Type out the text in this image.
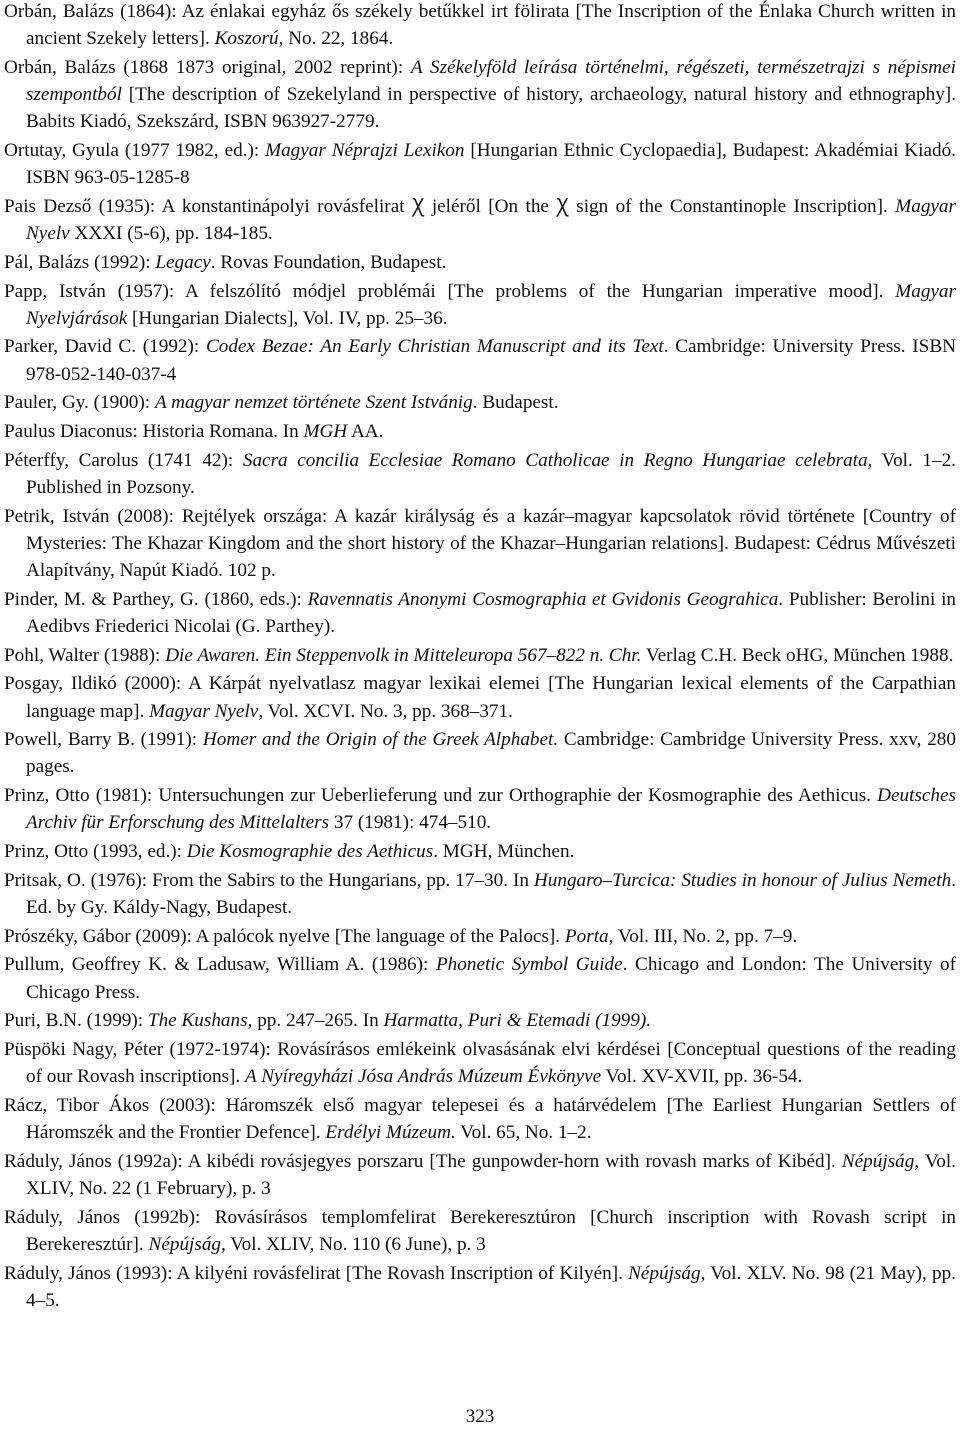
Orbán, Balázs (1864): Az énlakai egyház ős székely betűkkel irt fölirata [The Inscription of the Énlaka Church written in ancient Szekely letters]. Koszorú, No. 22, 1864.
Orbán, Balázs (1868 1873 original, 2002 reprint): A Székelyföld leírása történelmi, régészeti, természetrajzi s népismei szempontból [The description of Szekelyland in perspective of history, archaeology, natural history and ethnography]. Babits Kiadó, Szekszárd, ISBN 963927-2779.
Ortutay, Gyula (1977 1982, ed.): Magyar Néprajzi Lexikon [Hungarian Ethnic Cyclopaedia], Budapest: Akadémiai Kiadó. ISBN 963-05-1285-8
Pais Dezső (1935): A konstantinápolyi rovásfelirat Ꭓ jeléről [On the Ꭓ sign of the Constantinople Inscription]. Magyar Nyelv XXXI (5-6), pp. 184-185.
Pál, Balázs (1992): Legacy. Rovas Foundation, Budapest.
Papp, István (1957): A felszólító módjel problémái [The problems of the Hungarian imperative mood]. Magyar Nyelvjárások [Hungarian Dialects], Vol. IV, pp. 25–36.
Parker, David C. (1992): Codex Bezae: An Early Christian Manuscript and its Text. Cambridge: University Press. ISBN 978-052-140-037-4
Pauler, Gy. (1900): A magyar nemzet története Szent Istvánig. Budapest.
Paulus Diaconus: Historia Romana. In MGH AA.
Péterffy, Carolus (1741 42): Sacra concilia Ecclesiae Romano Catholicae in Regno Hungariae celebrata, Vol. 1–2. Published in Pozsony.
Petrik, István (2008): Rejtélyek országa: A kazár királyság és a kazár–magyar kapcsolatok rövid története [Country of Mysteries: The Khazar Kingdom and the short history of the Khazar–Hungarian relations]. Budapest: Cédrus Művészeti Alapítvány, Napút Kiadó. 102 p.
Pinder, M. & Parthey, G. (1860, eds.): Ravennatis Anonymi Cosmographia et Gvidonis Geograhica. Publisher: Berolini in Aedibvs Friederici Nicolai (G. Parthey).
Pohl, Walter (1988): Die Awaren. Ein Steppenvolk in Mitteleuropa 567–822 n. Chr. Verlag C.H. Beck oHG, München 1988.
Posgay, Ildikó (2000): A Kárpát nyelvatlasz magyar lexikai elemei [The Hungarian lexical elements of the Carpathian language map]. Magyar Nyelv, Vol. XCVI. No. 3, pp. 368–371.
Powell, Barry B. (1991): Homer and the Origin of the Greek Alphabet. Cambridge: Cambridge University Press. xxv, 280 pages.
Prinz, Otto (1981): Untersuchungen zur Ueberlieferung und zur Orthographie der Kosmographie des Aethicus. Deutsches Archiv für Erforschung des Mittelalters 37 (1981): 474–510.
Prinz, Otto (1993, ed.): Die Kosmographie des Aethicus. MGH, München.
Pritsak, O. (1976): From the Sabirs to the Hungarians, pp. 17–30. In Hungaro–Turcica: Studies in honour of Julius Nemeth. Ed. by Gy. Káldy-Nagy, Budapest.
Prószéky, Gábor (2009): A palócok nyelve [The language of the Palocs]. Porta, Vol. III, No. 2, pp. 7–9.
Pullum, Geoffrey K. & Ladusaw, William A. (1986): Phonetic Symbol Guide. Chicago and London: The University of Chicago Press.
Puri, B.N. (1999): The Kushans, pp. 247–265. In Harmatta, Puri & Etemadi (1999).
Püspöki Nagy, Péter (1972-1974): Rovásírásos emlékeink olvasásának elvi kérdései [Conceptual questions of the reading of our Rovash inscriptions]. A Nyíregyházi Jósa András Múzeum Évkönyve Vol. XV-XVII, pp. 36-54.
Rácz, Tibor Ákos (2003): Háromszék első magyar telepesei és a határvédelem [The Earliest Hungarian Settlers of Háromszék and the Frontier Defence]. Erdélyi Múzeum. Vol. 65, No. 1–2.
Ráduly, János (1992a): A kibédi rovásjegyes porszaru [The gunpowder-horn with rovash marks of Kibéd]. Népújság, Vol. XLIV, No. 22 (1 February), p. 3
Ráduly, János (1992b): Rovásírásos templomfelirat Berekeresztúron [Church inscription with Rovash script in Berekeresztúr]. Népújság, Vol. XLIV, No. 110 (6 June), p. 3
Ráduly, János (1993): A kilyéni rovásfelirat [The Rovash Inscription of Kilyén]. Népújság, Vol. XLV. No. 98 (21 May), pp. 4–5.
323
